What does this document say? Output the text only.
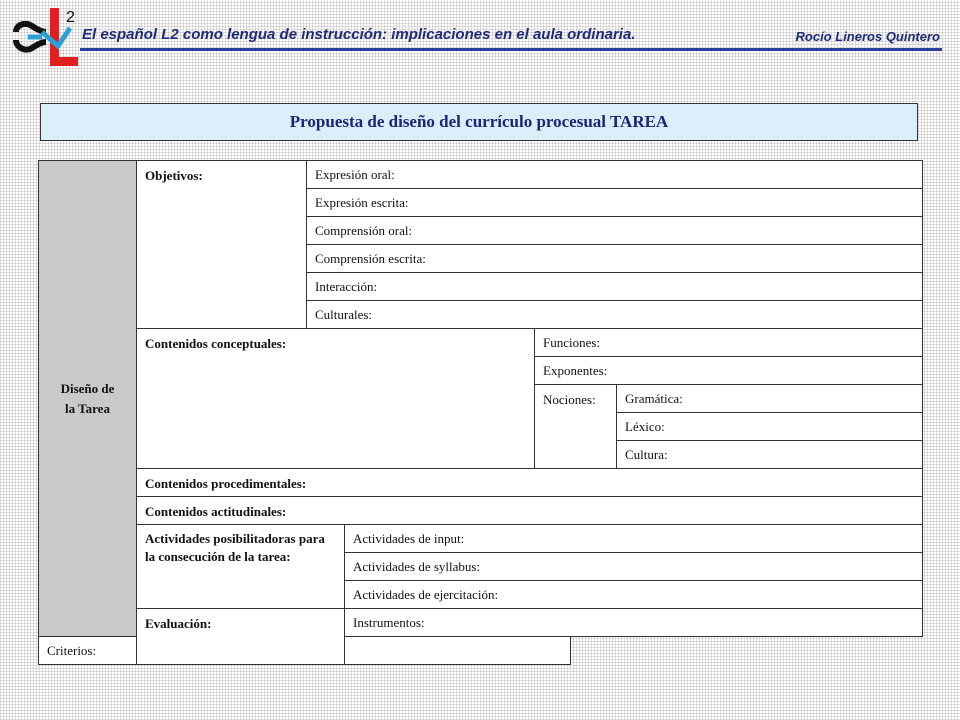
2
El español L2 como lengua de instrucción: implicaciones en el aula ordinaria.	Rocío Lineros Quintero
Propuesta de diseño del currículo procesual TAREA
Diseño de
la Tarea	Objetivos:	Expresión oral:			
		Expresión escrita:			
		Comprensión oral:			
		Comprensión escrita:			
		Interacción:			
		Culturales:			
	Contenidos conceptuales:			Funciones:	
				Exponentes:	
				Nociones:	Gramática:
					Léxico:
					Cultura:
	Contenidos procedimentales:				
	Contenidos actitudinales:				
	Actividades posibilitadoras para la consecución de la tarea:		Actividades de input:		
			Actividades de syllabus:		
			Actividades de ejercitación:		
	Evaluación:		Instrumentos:		
Criterios:					
